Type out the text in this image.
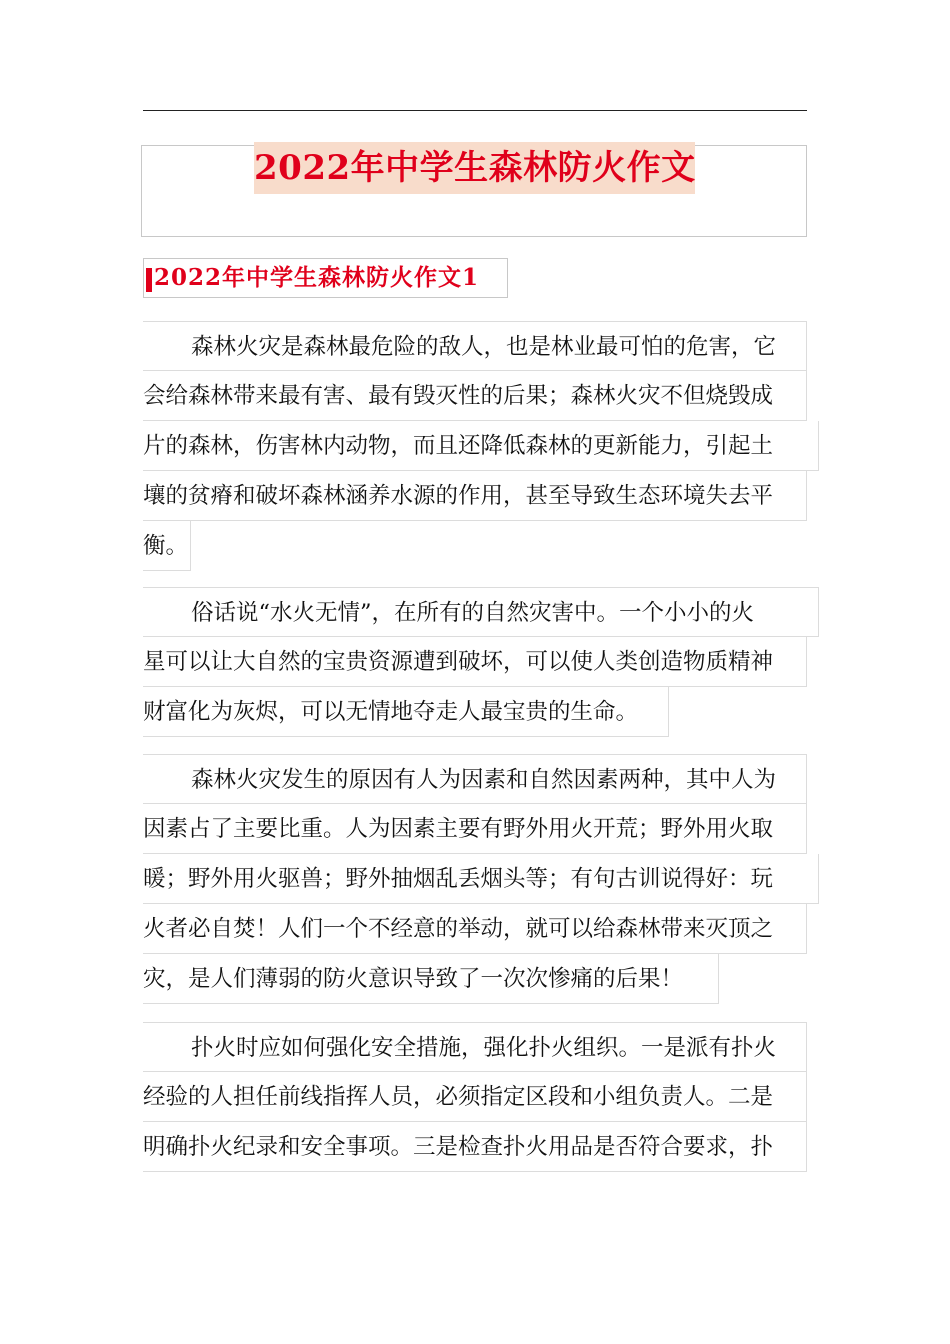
2022年中学生森林防火作文
2022年中学生森林防火作文1
森林火灾是森林最危险的敌人，也是林业最可怕的危害，它
会给森林带来最有害、最有毁灭性的后果；森林火灾不但烧毁成
片的森林，伤害林内动物，而且还降低森林的更新能力，引起土
壤的贫瘠和破坏森林涵养水源的作用，甚至导致生态环境失去平
衡。
俗话说“水火无情”，在所有的自然灾害中。一个小小的火
星可以让大自然的宝贵资源遭到破坏，可以使人类创造物质精神
财富化为灰烬，可以无情地夺走人最宝贵的生命。
森林火灾发生的原因有人为因素和自然因素两种，其中人为
因素占了主要比重。人为因素主要有野外用火开荒；野外用火取
暖；野外用火驱兽；野外抽烟乱丢烟头等；有句古训说得好：玩
火者必自焚！人们一个不经意的举动，就可以给森林带来灭顶之
灾，是人们薄弱的防火意识导致了一次次惨痛的后果！
扑火时应如何强化安全措施，强化扑火组织。一是派有扑火
经验的人担任前线指挥人员，必须指定区段和小组负责人。二是
明确扑火纪录和安全事项。三是检查扑火用品是否符合要求，扑
